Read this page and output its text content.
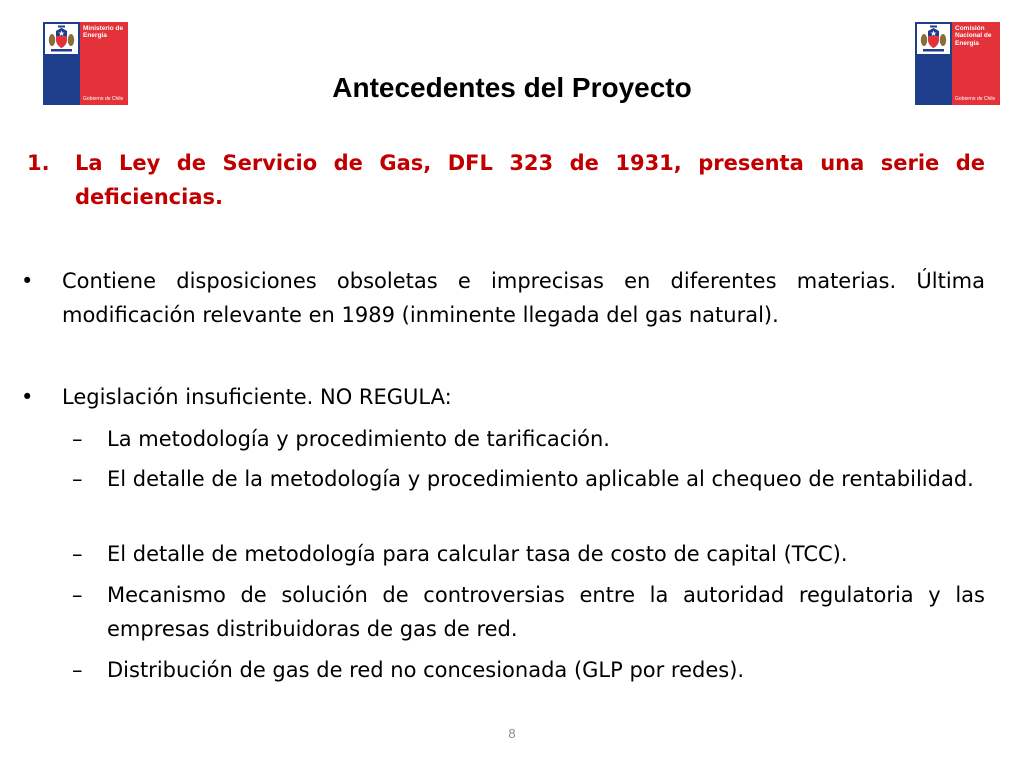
Ministerio de
Energía
Gobierno de Chile
Comisión
Nacional de
Energía
Gobierno de Chile
Antecedentes del Proyecto
1.	La Ley de Servicio de Gas, DFL 323 de 1931, presenta una serie de deficiencias.
•	Contiene disposiciones obsoletas e imprecisas en diferentes materias. Última modificación relevante en 1989 (inminente llegada del gas natural).
•	Legislación insuficiente. NO REGULA:
–	La metodología y procedimiento de tarificación.
–	El detalle de la metodología y procedimiento aplicable al chequeo de rentabilidad.
–	El detalle de metodología para calcular tasa de costo de capital (TCC).
–	Mecanismo de solución de controversias entre la autoridad regulatoria y las empresas distribuidoras de gas de red.
–	Distribución de gas de red no concesionada (GLP por redes).
8
